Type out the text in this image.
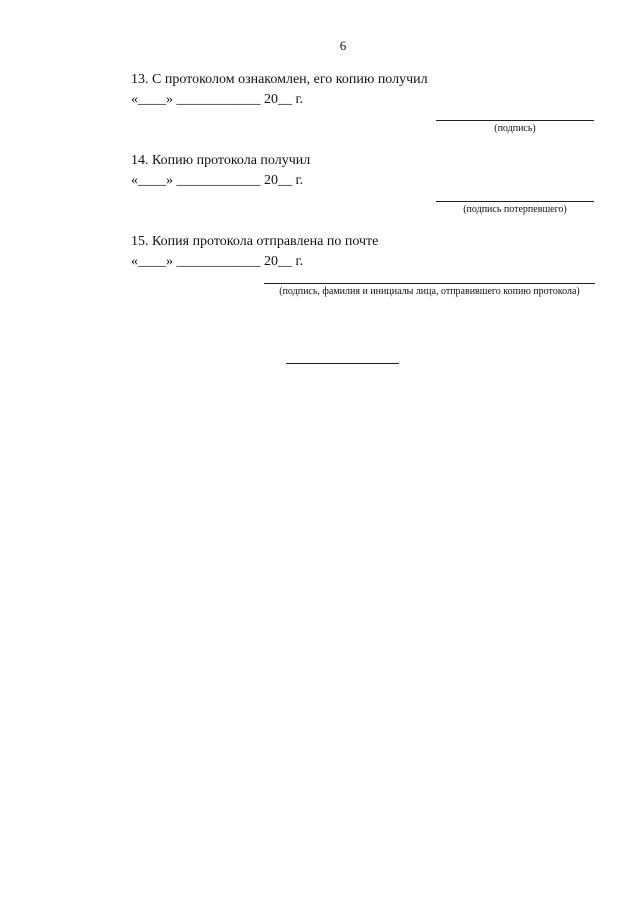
6
13. С протоколом ознакомлен, его копию получил
«____» ____________ 20__ г.
(подпись)
14. Копию протокола получил
«____» ____________ 20__ г.
(подпись потерпевшего)
15. Копия протокола отправлена по почте
«____» ____________ 20__ г.
(подпись, фамилия и инициалы лица, отправившего копию протокола)
